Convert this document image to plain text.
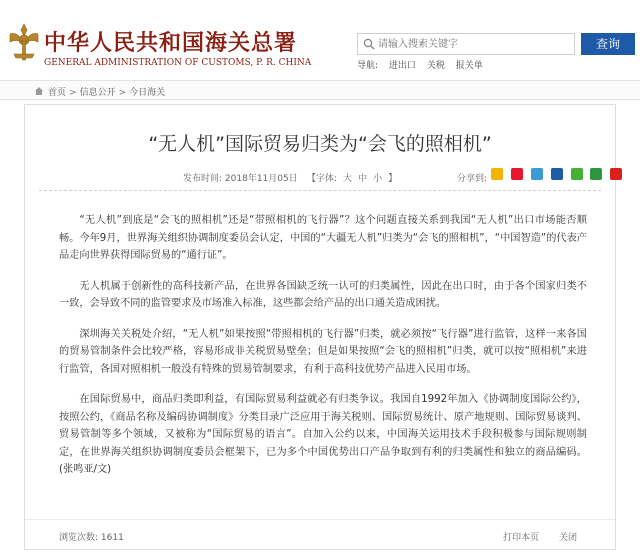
中华人民共和国海关总署
GENERAL ADMINISTRATION OF CUSTOMS, P. R. CHINA
请输入搜索关键字
查询
导航: 进出口 关税 报关单
首页 > 信息公开 > 今日海关
“无人机”国际贸易归类为“会飞的照相机”
发布时间: 2018年11月05日 【字体: 大 中 小 】	分享到:

“无人机”到底是“会飞的照相机”还是“带照相机的飞行器”？这个问题直接关系到我国“无人机”出口市场能否顺畅。今年9月，世界海关组织协调制度委员会认定，中国的“大疆无人机”归类为“会飞的照相机”，“中国智造”的代表产品走向世界获得国际贸易的“通行证”。

无人机属于创新性的高科技新产品，在世界各国缺乏统一认可的归类属性，因此在出口时，由于各个国家归类不一致，会导致不同的监管要求及市场准入标准，这些都会给产品的出口通关造成困扰。

深圳海关关税处介绍，“无人机”如果按照“带照相机的飞行器”归类，就必须按“飞行器”进行监管，这样一来各国的贸易管制条件会比较严格，容易形成非关税贸易壁垒；但是如果按照“会飞的照相机”归类，就可以按“照相机”来进行监管，各国对照相机一般没有特殊的贸易管制要求，有利于高科技优势产品进入民用市场。

在国际贸易中，商品归类即利益，有国际贸易利益就必有归类争议。我国自1992年加入《协调制度国际公约》，按照公约，《商品名称及编码协调制度》分类目录广泛应用于海关税则、国际贸易统计、原产地规则、国际贸易谈判、贸易管制等多个领域，又被称为“国际贸易的语言”。自加入公约以来，中国海关运用技术手段积极参与国际规则制定，在世界海关组织协调制度委员会框架下，已为多个中国优势出口产品争取到有利的归类属性和独立的商品编码。(张鸣亚/文)

浏览次数: 1611	打印本页 关闭
